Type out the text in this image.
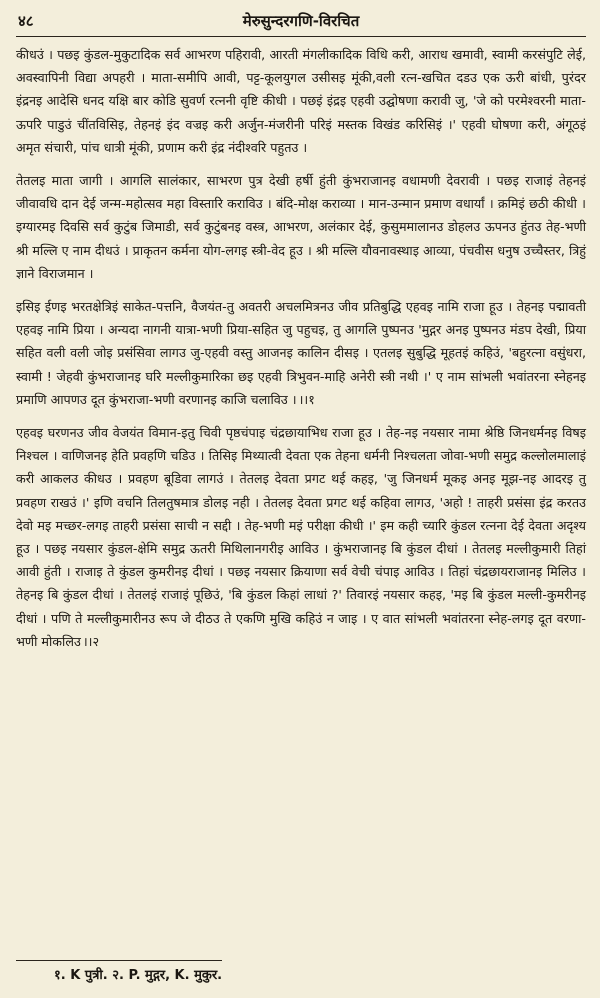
४८	मेरुसुन्दरगणि-विरचित

कीधउं । पछइ कुंडल-मुकुटादिक सर्व आभरण पहिरावी, आरती मंगलीकादिक विधि करी, आराध खमावी, स्वामी करसंपुटि लेई, अवस्वापिनी विद्या अपहरी । माता-समीपि आवी, पट्ट-कूलयुगल उसीसइ मूंकी,वली रत्न-खचित दडउ एक ऊरी बांधी, पुरंदर इंद्रनइ आदेसि धनद यक्षि बार कोडि सुवर्ण रत्ननी वृष्टि कीधी । पछइं इंद्रइ एहवी उद्घोषणा करावी जु, 'जे को परमेश्वरनी माता-ऊपरि पाडुउं चींतविसिइ, तेहनइं इंद वज्रइ करी अर्जुन-मंजरीनी परिइं मस्तक विखंड करिसिइं ।' एहवी घोषणा करी, अंगूठइं अमृत संचारी, पांच धात्री मूंकी, प्रणाम करी इंद्र नंदीश्वरि पहुतउ ।

तेतलइ माता जागी । आगलि सालंकार, साभरण पुत्र देखी हर्षी हुंती कुंभराजानइ वधामणी देवरावी । पछइ राजाइं तेहनइं जीवावधि दान देई जन्म-महोत्सव महा विस्तारि कराविउ । बंदि-मोक्ष कराव्या । मान-उन्मान प्रमाण वधार्यां । क्रमिइं छठी कीधी । इग्यारमइ दिवसि सर्व कुटुंब जिमाडी, सर्व कुटुंबनइ वस्त्र, आभरण, अलंकार देई, कुसुममालानउ डोहलउ ऊपनउ हुंतउ तेह-भणी श्री मल्लि ए नाम दीधउं । प्राकृतन कर्मना योग-लगइ स्त्री-वेद हूउ । श्री मल्लि यौवनावस्थाइ आव्या, पंचवीस धनुष उच्चैस्तर, त्रिहुं ज्ञाने विराजमान ।

इसिइ ईणइ भरतक्षेत्रिइं साकेत-पत्तनि, वैजयंत-तु अवतरी अचलमित्रनउ जीव प्रतिबुद्धि एहवइ नामि राजा हूउ । तेहनइ पद्मावती एहवइ नामि प्रिया । अन्यदा नागनी यात्रा-भणी प्रिया-सहित जु पहुचइ, तु आगलि पुष्पनउ 'मुद्गर अनइ पुष्पनउ मंडप देखी, प्रिया सहित वली वली जोइ प्रसंसिवा लागउ जु-एहवी वस्तु आजनइ कालिन दीसइ । एतलइ सुबुद्धि मूहतइं कहिउं, 'बहुरत्ना वसुंधरा, स्वामी ! जेहवी कुंभराजानइ घरि मल्लीकुमारिका छइ एहवी त्रिभुवन-माहि अनेरी स्त्री नथी ।' ए नाम सांभली भवांतरना स्नेहनइ प्रमाणि आपणउ दूत कुंभराजा-भणी वरणानइ काजि चलाविउ । ।।१

एहवइ घरणनउ जीव वेजयंत विमान-इतु चिवी पृष्ठचंपाइ चंद्रछायाभिध राजा हूउ । तेह-नइ नयसार नामा श्रेष्ठि जिनधर्मनइ विषइ निश्चल । वाणिजनइ हेति प्रवहणि चडिउ । तिसिइ मिथ्यात्वी देवता एक तेहना धर्मनी निश्चलता जोवा-भणी समुद्र कल्लोलमालाइं करी आकलउ कीधउ । प्रवहण बूडिवा लागउं । तेतलइ देवता प्रगट थई कहइ, 'जु जिनधर्म मूकइ अनइ मूझ-नइ आदरइ तु प्रवहण राखउं ।' इणि वचनि तिलतुषमात्र डोलइ नही । तेतलइ देवता प्रगट थई कहिवा लागउ, 'अहो ! ताहरी प्रसंसा इंद्र करतउ देवो मइ मच्छर-लगइ ताहरी प्रसंसा साची न सद्दी । तेह-भणी मइं परीक्षा कीधी ।' इम कही च्यारि कुंडल रत्नना देई देवता अदृश्य हूउ । पछइ नयसार कुंडल-क्षेमि समुद्र ऊतरी मिथिलानगरीइ आविउ । कुंभराजानइ बि कुंडल दीधां । तेतलइ मल्लीकुमारी तिहां आवी हुंती । राजाइ ते कुंडल कुमरीनइ दीधां । पछइ नयसार क्रियाणा सर्व वेची चंपाइ आविउ । तिहां चंद्रछायराजानइ मिलिउ । तेहनइ बि कुंडल दीधां । तेतलइं राजाइं पूछिउं, 'बि कुंडल किहां लाधां ?' तिवारइं नयसार कहइ, 'मइ बि कुंडल मल्ली-कुमरीनइ दीधां । पणि ते मल्लीकुमारीनउ रूप जे दीठउ ते एकणि मुखि कहिउं न जाइ । ए वात सांभली भवांतरना स्नेह-लगइ दूत वरणा-भणी मोकलिउ ।।२

१. K पुत्री. २. P. मुद्गर, K. मुकुर.
